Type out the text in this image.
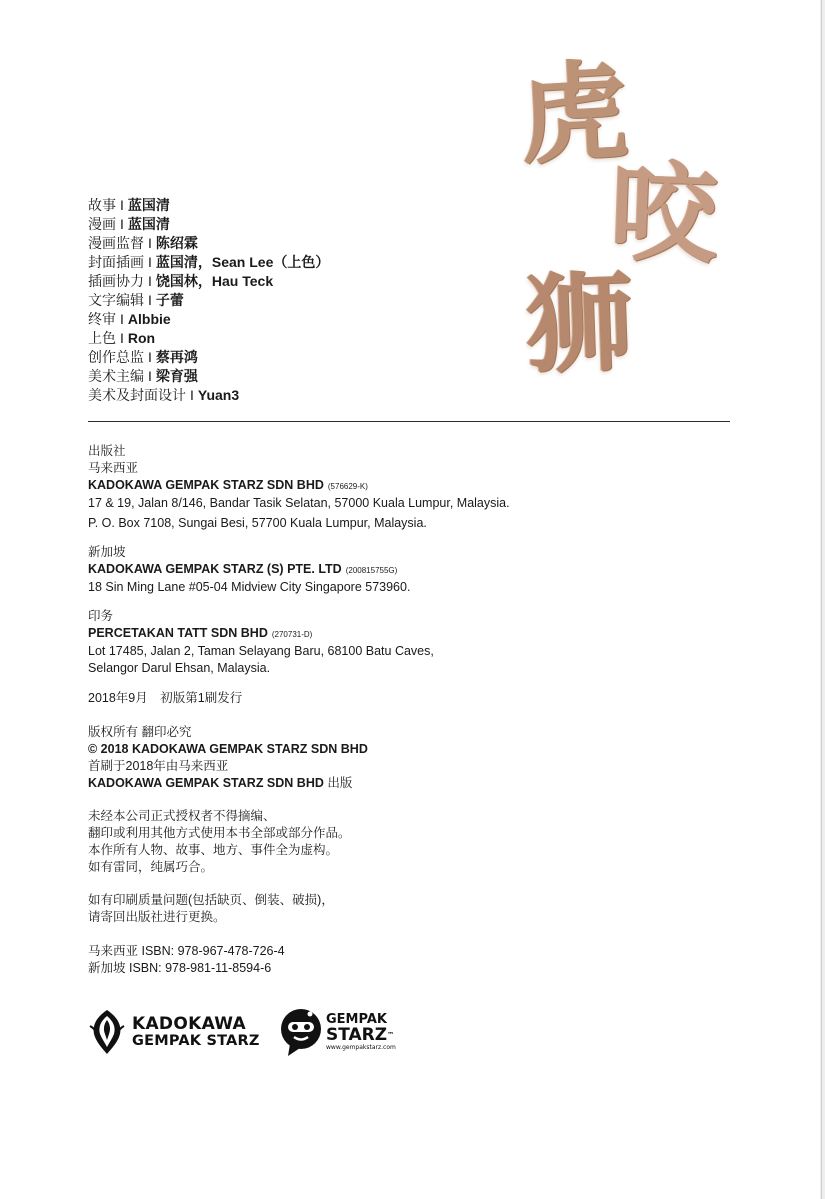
虎
咬
狮
故事 I 蓝国清
漫画 I 蓝国清
漫画监督 I 陈绍霖
封面插画 I 蓝国清，Sean Lee（上色）
插画协力 I 饶国林，Hau Teck
文字编辑 I 子蕾
终审 I Albbie
上色 I Ron
创作总监 I 蔡再鸿
美术主编 I 梁育强
美术及封面设计 I Yuan3
出版社
马来西亚
KADOKAWA GEMPAK STARZ SDN BHD (576629-K)
17 & 19, Jalan 8/146, Bandar Tasik Selatan, 57000 Kuala Lumpur, Malaysia.
P. O. Box 7108, Sungai Besi, 57700 Kuala Lumpur, Malaysia.
新加坡
KADOKAWA GEMPAK STARZ (S) PTE. LTD (200815755G)
18 Sin Ming Lane #05-04 Midview City Singapore 573960.
印务
PERCETAKAN TATT SDN BHD (270731-D)
Lot 17485, Jalan 2, Taman Selayang Baru, 68100 Batu Caves,
Selangor Darul Ehsan, Malaysia.
2018年9月　初版第1刷发行
版权所有 翻印必究
© 2018 KADOKAWA GEMPAK STARZ SDN BHD
首刷于2018年由马来西亚
KADOKAWA GEMPAK STARZ SDN BHD 出版
未经本公司正式授权者不得摘编、
翻印或利用其他方式使用本书全部或部分作品。
本作所有人物、故事、地方、事件全为虚构。
如有雷同，纯属巧合。
如有印刷质量问题(包括缺页、倒装、破损)，
请寄回出版社进行更换。
马来西亚 ISBN: 978-967-478-726-4
新加坡 ISBN: 978-981-11-8594-6
KADOKAWA
GEMPAK STARZ
GEMPAK
STARZ™
www.gempakstarz.com
